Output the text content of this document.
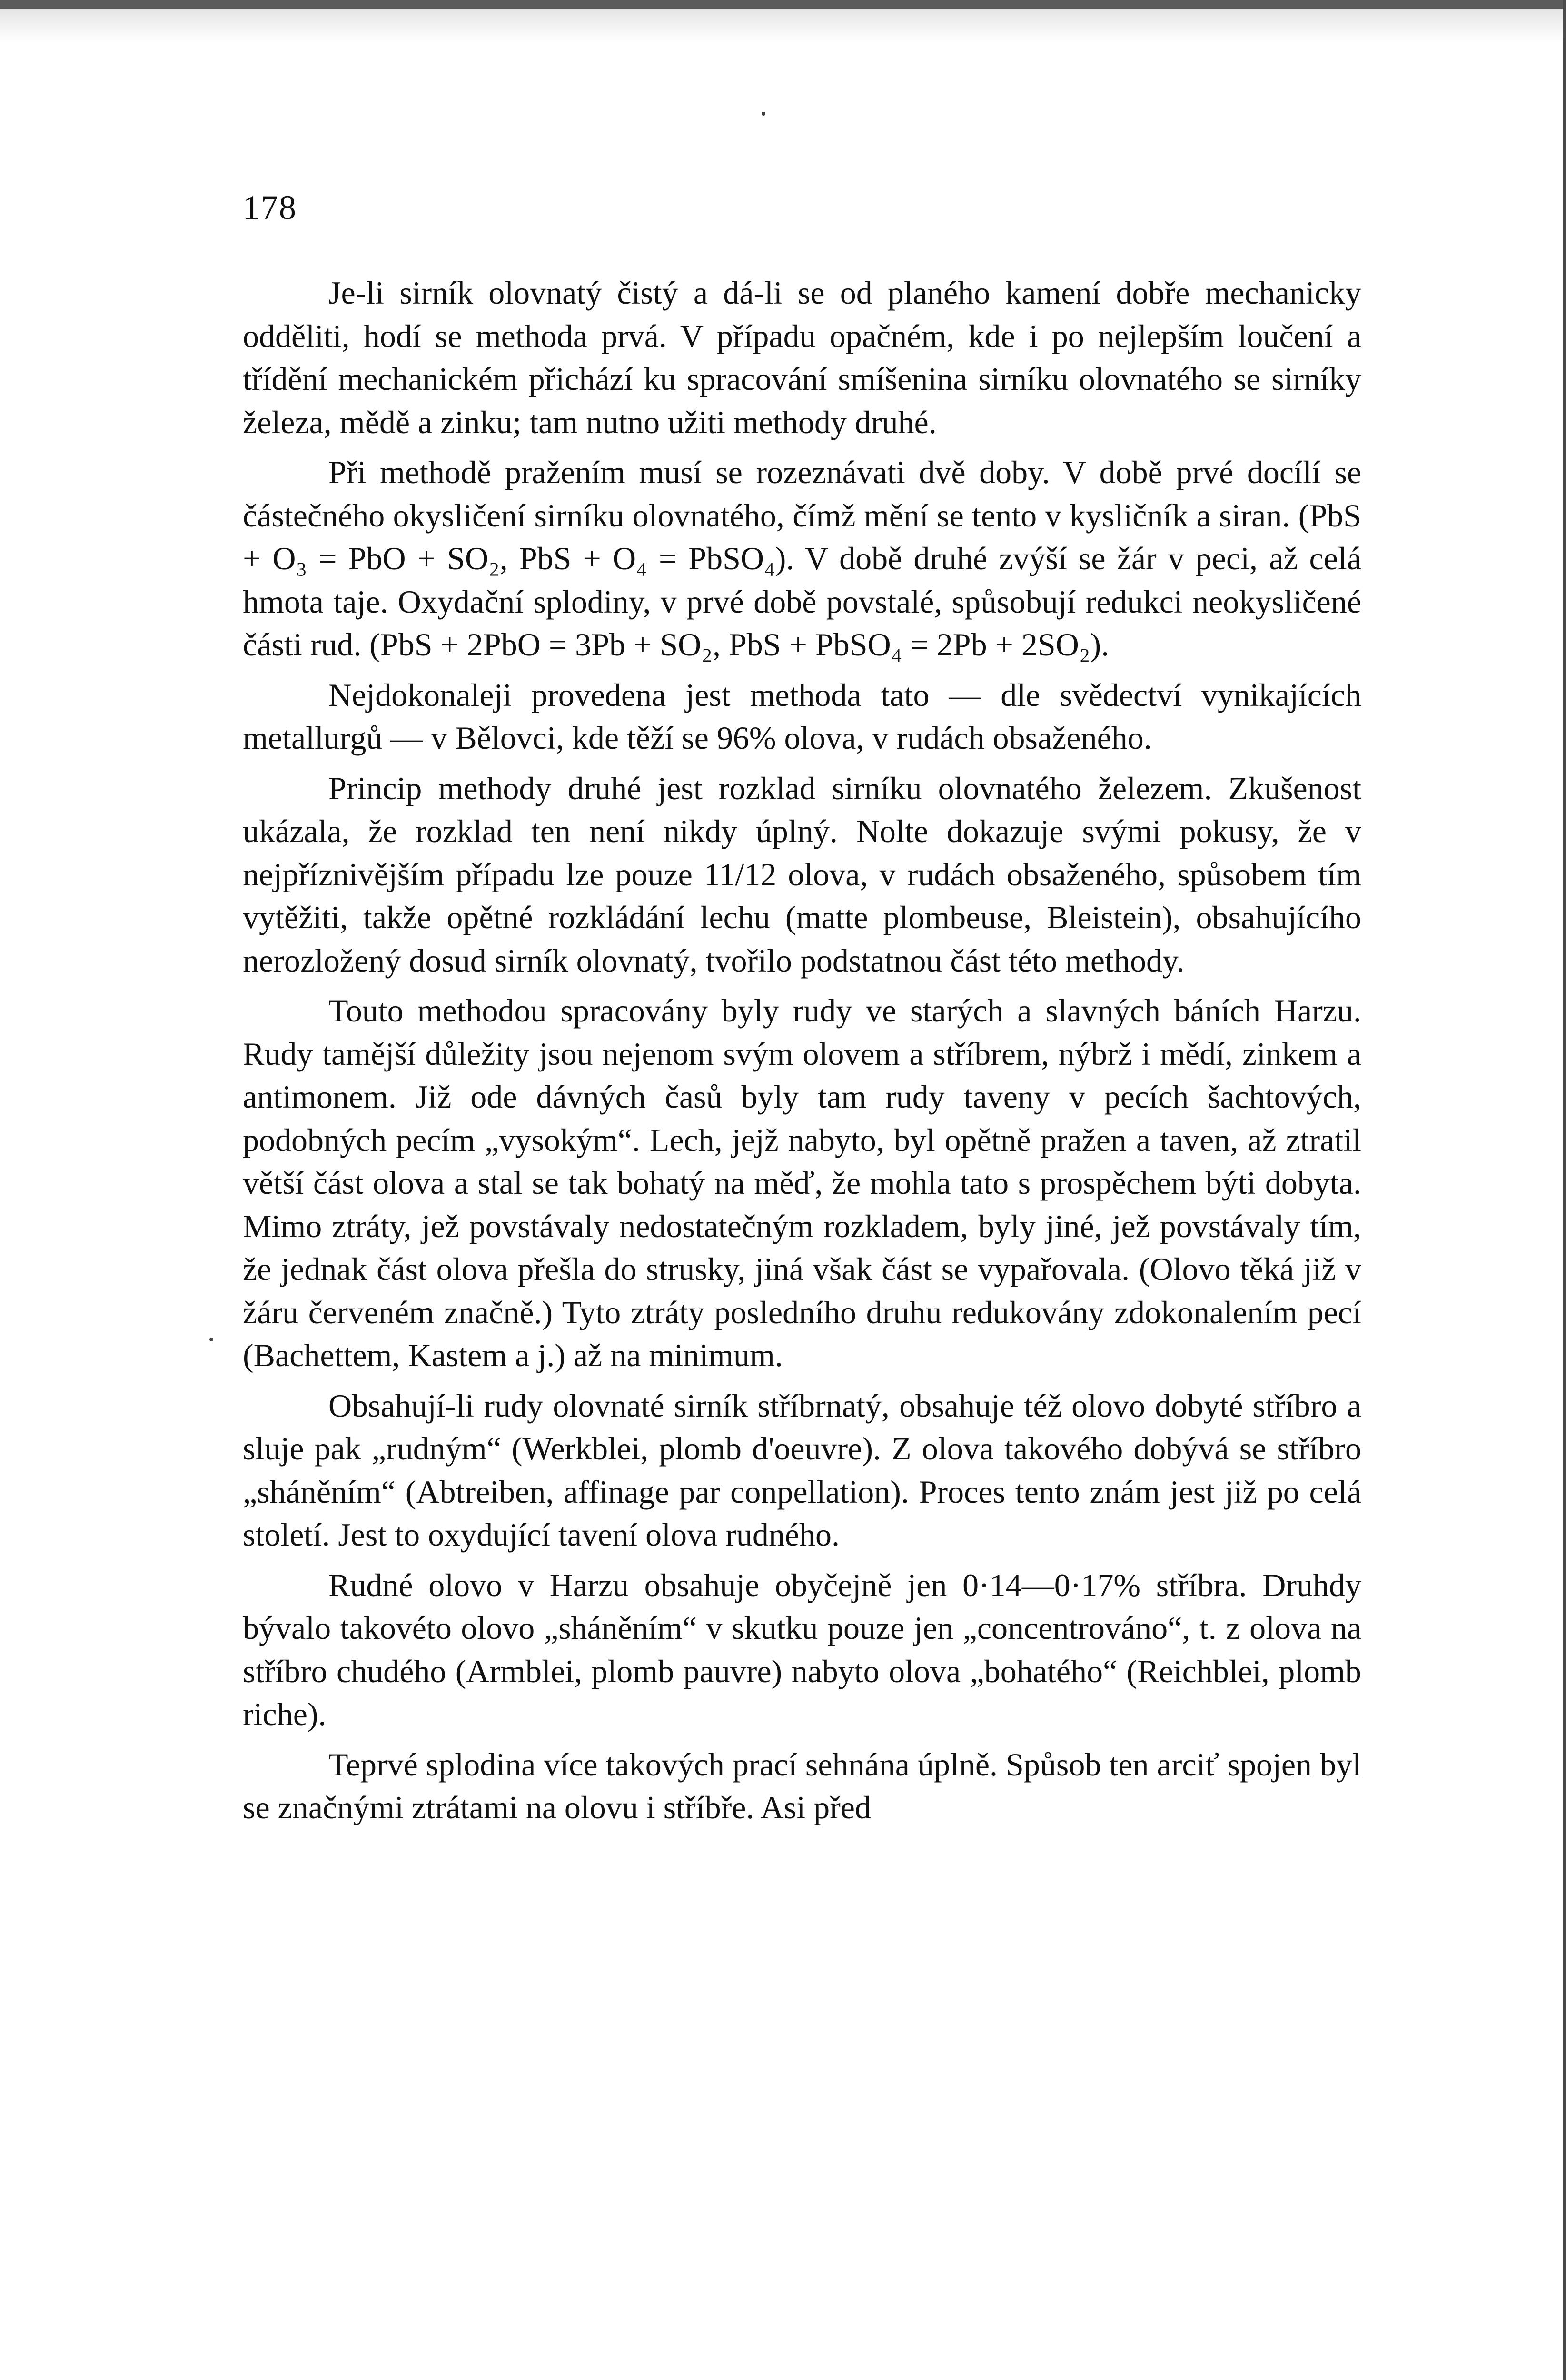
178

Je-li sirník olovnatý čistý a dá-li se od planého kamení dobře mechanicky odděliti, hodí se methoda prvá. V případu opačném, kde i po nejlepším loučení a třídění mechanickém přichází ku spracování smíšenina sirníku olovnatého se sirníky železa, mědě a zinku; tam nutno užiti methody druhé.

Při methodě pražením musí se rozeznávati dvě doby. V době prvé docílí se částečného okysličení sirníku olovnatého, čímž mění se tento v kysličník a siran. (PbS + O₃ = PbO + SO₂, PbS + O₄ = PbSO₄). V době druhé zvýší se žár v peci, až celá hmota taje. Oxydační splodiny, v prvé době povstalé, spůsobují redukci neokysličené části rud. (PbS + 2PbO = 3Pb + SO₂, PbS + PbSO₄ = 2Pb + 2SO₂).

Nejdokonaleji provedena jest methoda tato — dle svědectví vynikajících metallurgů — v Bělovci, kde těží se 96% olova, v rudách obsaženého.

Princip methody druhé jest rozklad sirníku olovnatého železem. Zkušenost ukázala, že rozklad ten není nikdy úplný. Nolte dokazuje svými pokusy, že v nejpříznivějším případu lze pouze 11/12 olova, v rudách obsaženého, spůsobem tím vytěžiti, takže opětné rozkládání lechu (matte plombeuse, Bleistein), obsahujícího nerozložený dosud sirník olovnatý, tvořilo podstatnou část této methody.

Touto methodou spracovány byly rudy ve starých a slavných báních Harzu. Rudy tamější důležity jsou nejenom svým olovem a stříbrem, nýbrž i mědí, zinkem a antimonem. Již ode dávných časů byly tam rudy taveny v pecích šachtových, podobných pecím „vysokým“. Lech, jejž nabyto, byl opětně pražen a taven, až ztratil větší část olova a stal se tak bohatý na měď, že mohla tato s prospěchem býti dobyta. Mimo ztráty, jež povstávaly nedostatečným rozkladem, byly jiné, jež povstávaly tím, že jednak část olova přešla do strusky, jiná však část se vypařovala. (Olovo těká již v žáru červeném značně.) Tyto ztráty posledního druhu redukovány zdokonalením pecí (Bachettem, Kastem a j.) až na minimum.

Obsahují-li rudy olovnaté sirník stříbrnatý, obsahuje též olovo dobyté stříbro a sluje pak „rudným“ (Werkblei, plomb d'oeuvre). Z olova takového dobývá se stříbro „sháněním“ (Abtreiben, affinage par conpellation). Proces tento znám jest již po celá století. Jest to oxydující tavení olova rudného.

Rudné olovo v Harzu obsahuje obyčejně jen 0·14—0·17% stříbra. Druhdy bývalo takovéto olovo „sháněním“ v skutku pouze jen „concentrováno“, t. z olova na stříbro chudého (Armblei, plomb pauvre) nabyto olova „bohatého“ (Reichblei, plomb riche).

Teprvé splodina více takových prací sehnána úplně. Spůsob ten arciť spojen byl se značnými ztrátami na olovu i stříbře. Asi před
